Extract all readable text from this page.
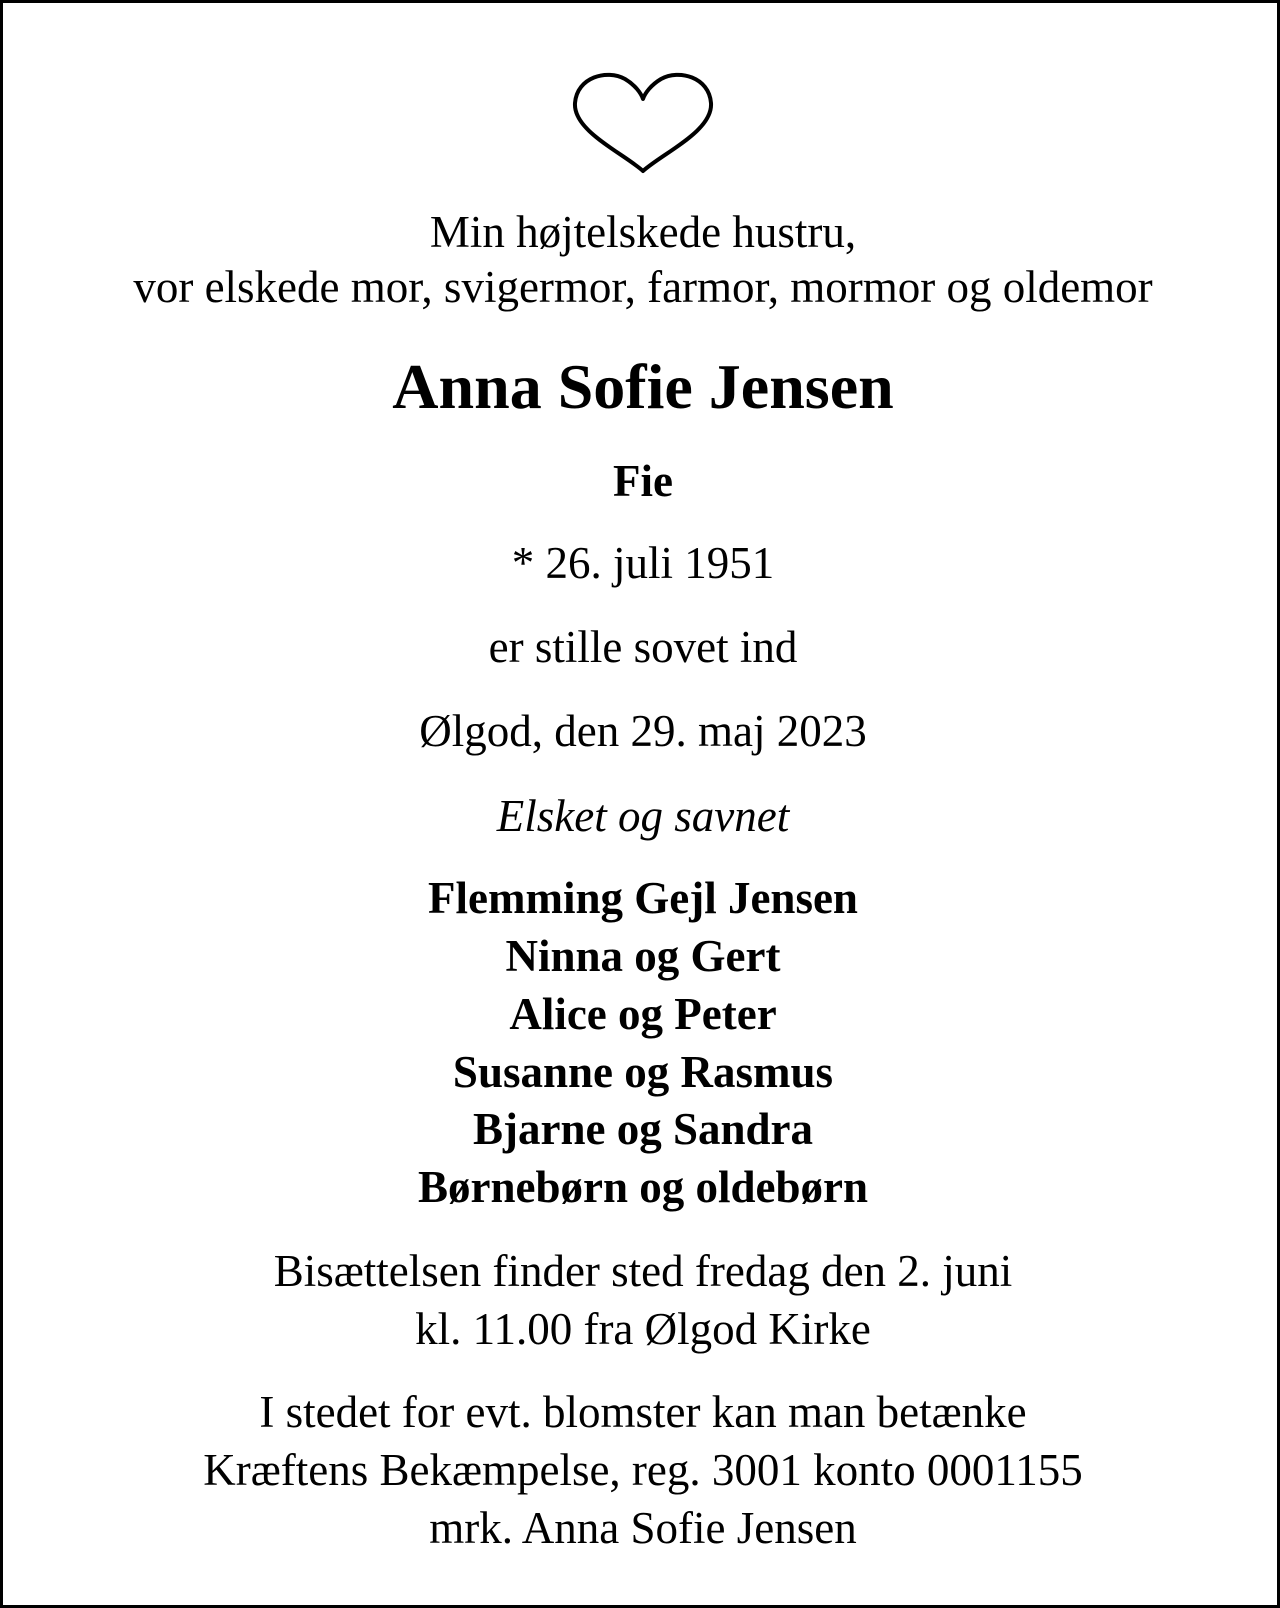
Min højtelskede hustru,
vor elskede mor, svigermor, farmor, mormor og oldemor
Anna Sofie Jensen
Fie
* 26. juli 1951
er stille sovet ind
Ølgod, den 29. maj 2023
Elsket og savnet
Flemming Gejl Jensen
Ninna og Gert
Alice og Peter
Susanne og Rasmus
Bjarne og Sandra
Børnebørn og oldebørn
Bisættelsen finder sted fredag den 2. juni
kl. 11.00 fra Ølgod Kirke
I stedet for evt. blomster kan man betænke
Kræftens Bekæmpelse, reg. 3001 konto 0001155
mrk. Anna Sofie Jensen
